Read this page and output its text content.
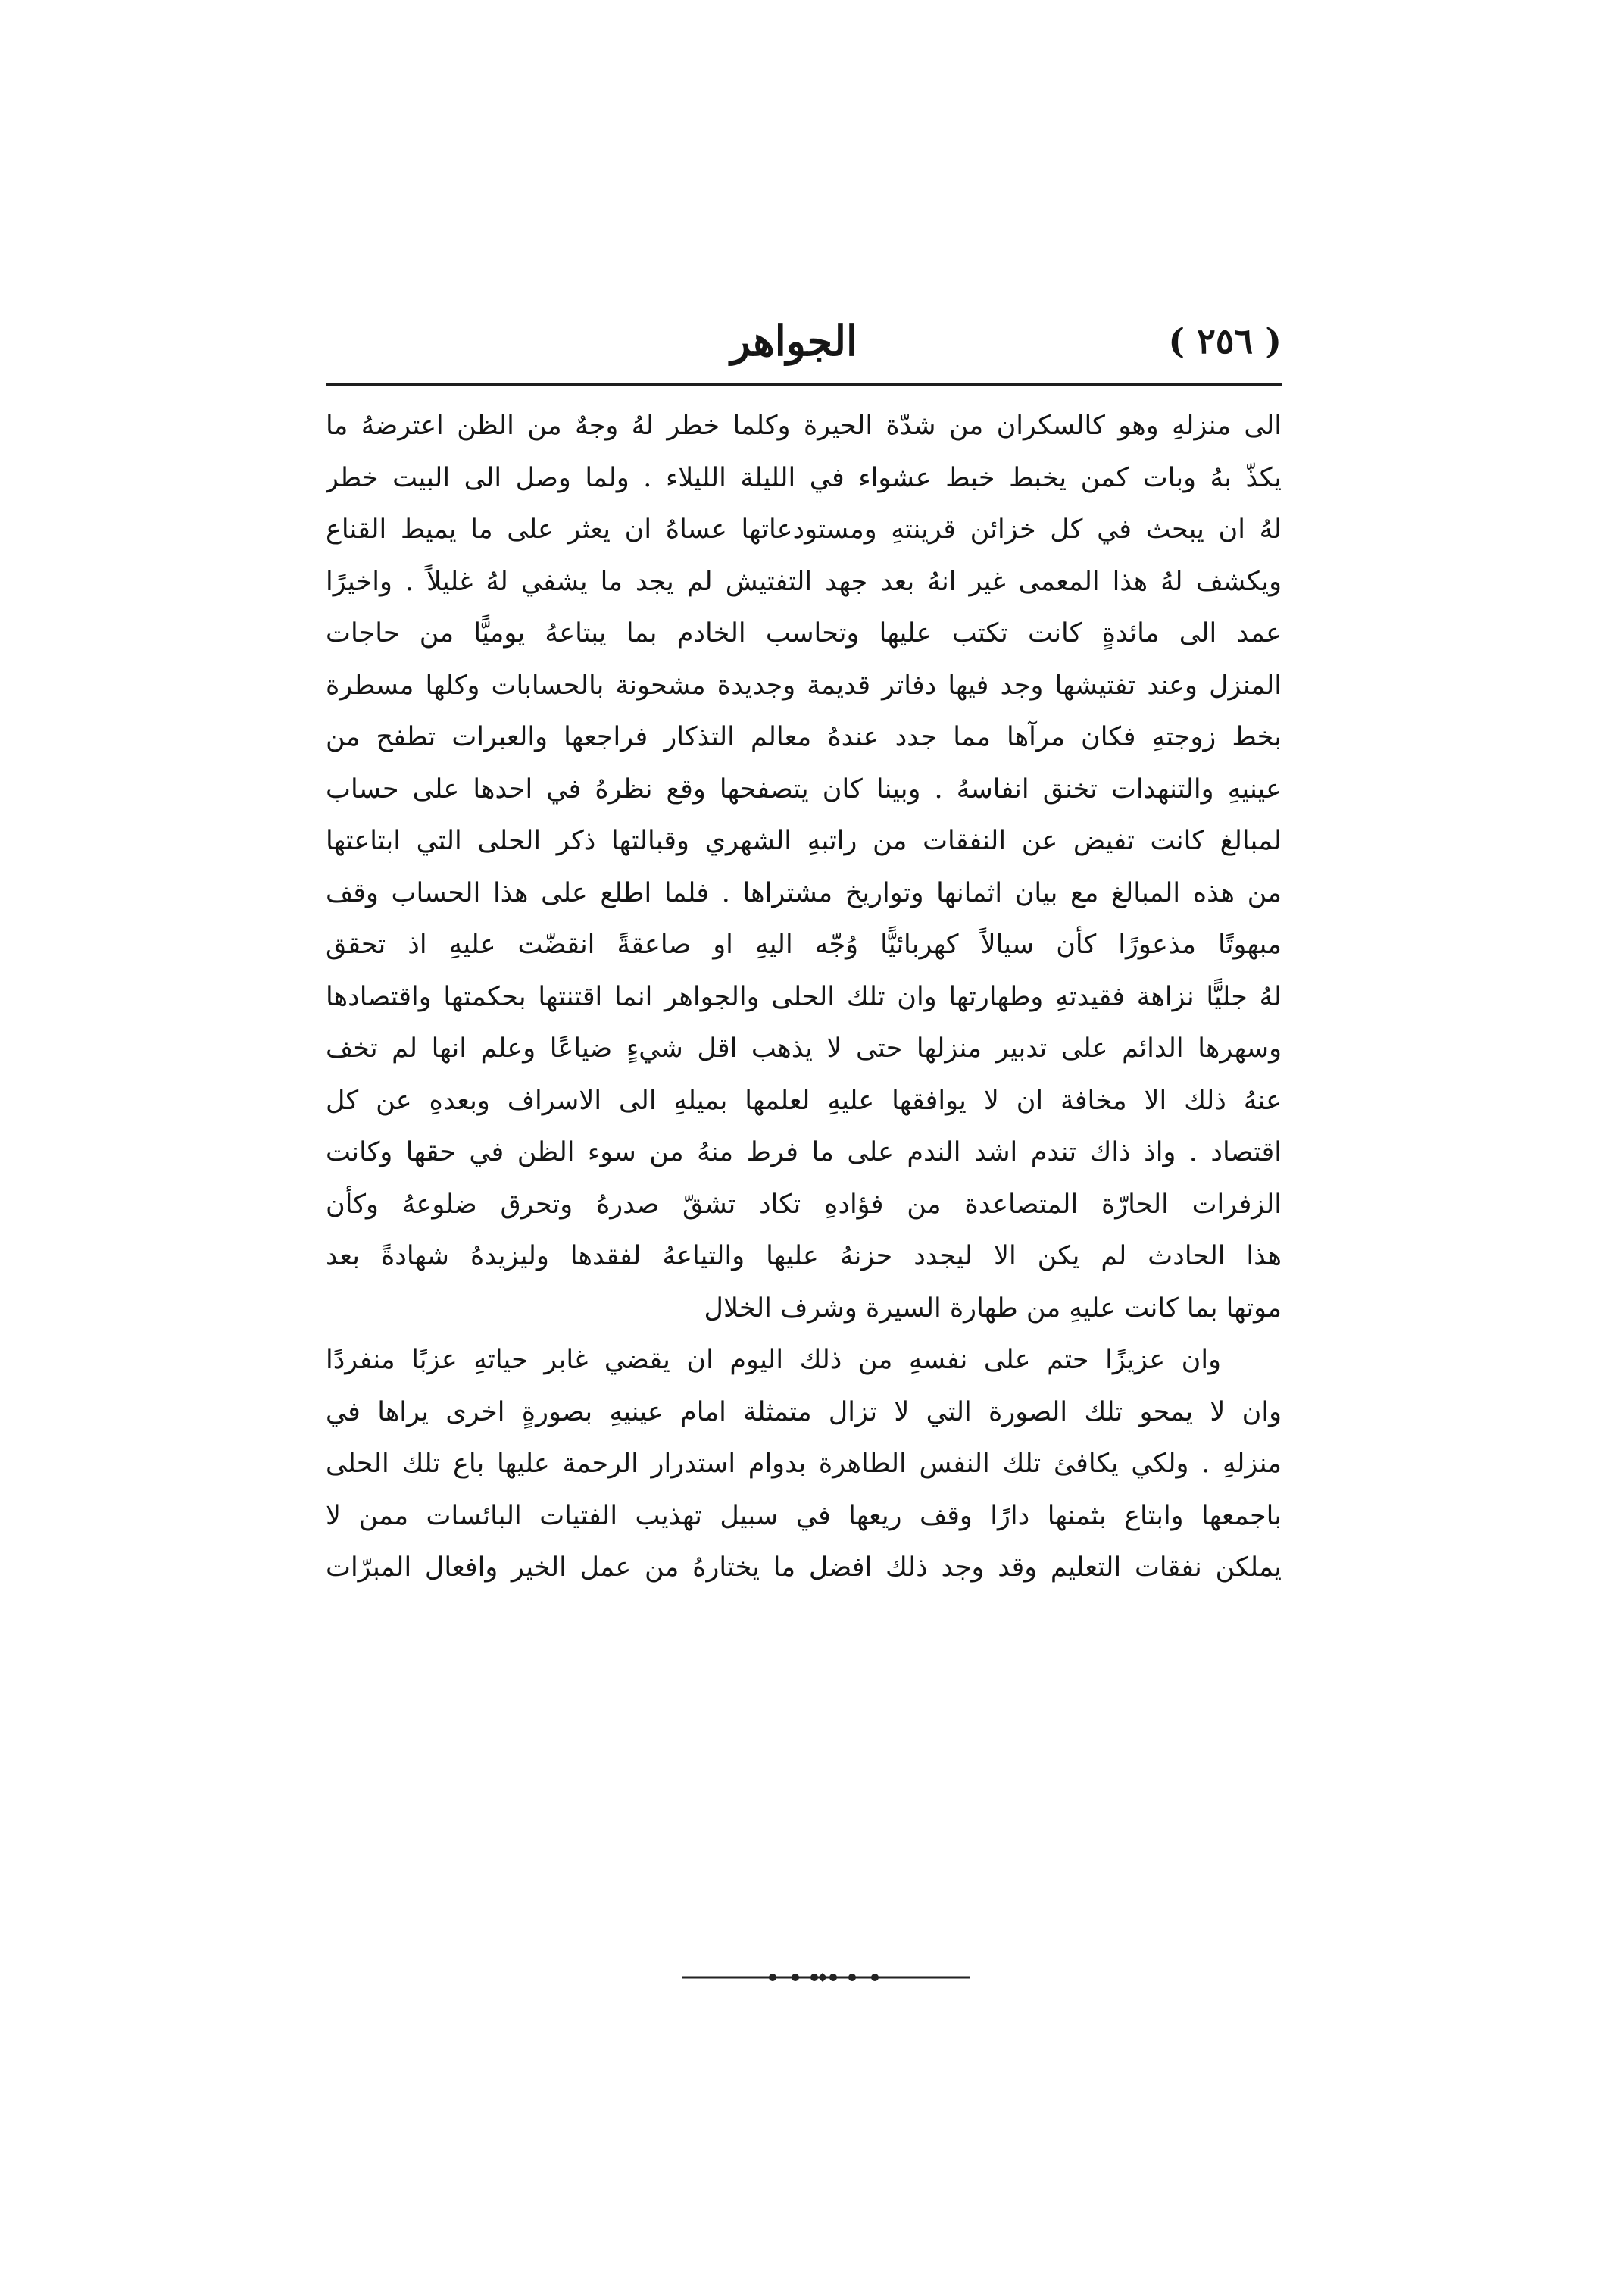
( ٢٥٦ )
الجواهر
الى منزلهِ وهو كالسكران من شدّة الحيرة وكلما خطر لهُ وجهٌ من الظن اعترضهُ ما
يكذّ بهُ وبات كمن يخبط خبط عشواء في الليلة الليلاء . ولما وصل الى البيت خطر
لهُ ان يبحث في كل خزائن قرينتهِ ومستودعاتها عساهُ ان يعثر على ما يميط القناع
ويكشف لهُ هذا المعمى غير انهُ بعد جهد التفتيش لم يجد ما يشفي لهُ غليلاً . واخيرًا
عمد الى مائدةٍ كانت تكتب عليها وتحاسب الخادم بما يبتاعهُ يوميًّا من حاجات
المنزل وعند تفتيشها وجد فيها دفاتر قديمة وجديدة مشحونة بالحسابات وكلها مسطرة
بخط زوجتهِ فكان مرآها مما جدد عندهُ معالم التذكار فراجعها والعبرات تطفح من
عينيهِ والتنهدات تخنق انفاسهُ . وبينا كان يتصفحها وقع نظرهُ في احدها على حساب
لمبالغ كانت تفيض عن النفقات من راتبهِ الشهري وقبالتها ذكر الحلى التي ابتاعتها
من هذه المبالغ مع بيان اثمانها وتواريخ مشتراها . فلما اطلع على هذا الحساب وقف
مبهوتًا مذعورًا كأن سيالاً كهربائيًّا وُجّه اليهِ او صاعقةً انقضّت عليهِ اذ تحقق
لهُ جليًّا نزاهة فقيدتهِ وطهارتها وان تلك الحلى والجواهر انما اقتنتها بحكمتها واقتصادها
وسهرها الدائم على تدبير منزلها حتى لا يذهب اقل شيءٍ ضياعًا وعلم انها لم تخف
عنهُ ذلك الا مخافة ان لا يوافقها عليهِ لعلمها بميلهِ الى الاسراف وبعدهِ عن كل
اقتصاد . واذ ذاك تندم اشد الندم على ما فرط منهُ من سوء الظن في حقها وكانت
الزفرات الحارّة المتصاعدة من فؤادهِ تكاد تشقّ صدرهُ وتحرق ضلوعهُ وكأن
هذا الحادث لم يكن الا ليجدد حزنهُ عليها والتياعهُ لفقدها وليزيدهُ شهادةً بعد
موتها بما كانت عليهِ من طهارة السيرة وشرف الخلال
وان عزيزًا حتم على نفسهِ من ذلك اليوم ان يقضي غابر حياتهِ عزبًا منفردًا
وان لا يمحو تلك الصورة التي لا تزال متمثلة امام عينيهِ بصورةٍ اخرى يراها في
منزلهِ . ولكي يكافئ تلك النفس الطاهرة بدوام استدرار الرحمة عليها باع تلك الحلى
باجمعها وابتاع بثمنها دارًا وقف ريعها في سبيل تهذيب الفتيات البائسات ممن لا
يملكن نفقات التعليم وقد وجد ذلك افضل ما يختارهُ من عمل الخير وافعال المبرّات
